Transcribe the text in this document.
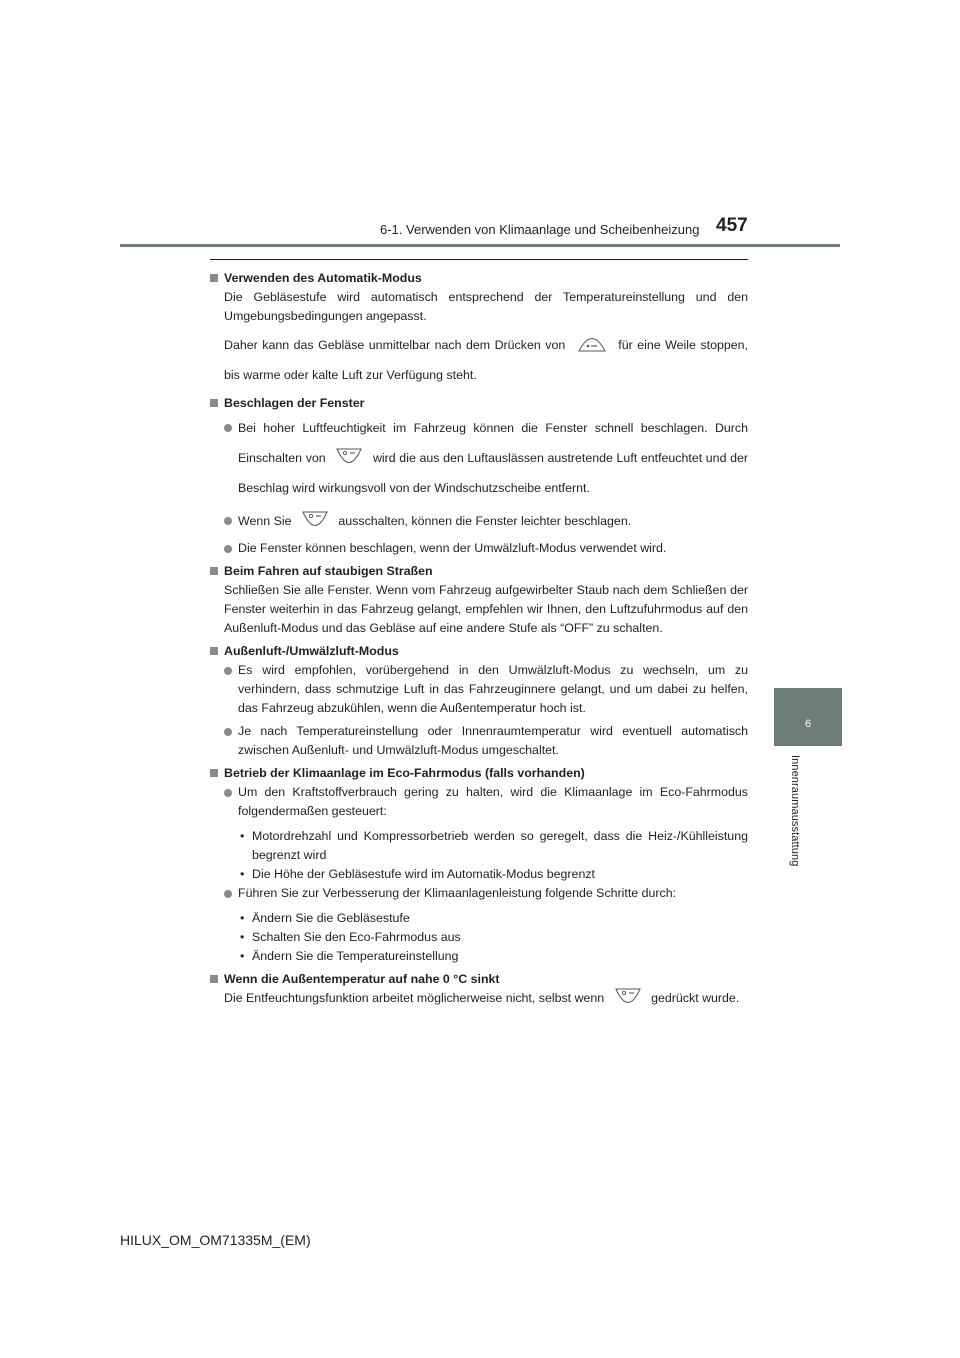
6-1. Verwenden von Klimaanlage und Scheibenheizung 457
6
Innenraumausstattung
Verwenden des Automatik-Modus
Die Gebläsestufe wird automatisch entsprechend der Temperatureinstellung und den Umgebungsbedingungen angepasst.
Daher kann das Gebläse unmittelbar nach dem Drücken von	für eine Weile stoppen, bis warme oder kalte Luft zur Verfügung steht.
Beschlagen der Fenster
Bei hoher Luftfeuchtigkeit im Fahrzeug können die Fenster schnell beschlagen. Durch Einschalten von	wird die aus den Luftauslässen austretende Luft entfeuchtet und der Beschlag wird wirkungsvoll von der Windschutzscheibe entfernt.
Wenn Sie	ausschalten, können die Fenster leichter beschlagen.
Die Fenster können beschlagen, wenn der Umwälzluft-Modus verwendet wird.
Beim Fahren auf staubigen Straßen
Schließen Sie alle Fenster. Wenn vom Fahrzeug aufgewirbelter Staub nach dem Schließen der Fenster weiterhin in das Fahrzeug gelangt, empfehlen wir Ihnen, den Luftzufuhrmodus auf den Außenluft-Modus und das Gebläse auf eine andere Stufe als “OFF” zu schalten.
Außenluft-/Umwälzluft-Modus
Es wird empfohlen, vorübergehend in den Umwälzluft-Modus zu wechseln, um zu verhindern, dass schmutzige Luft in das Fahrzeuginnere gelangt, und um dabei zu helfen, das Fahrzeug abzukühlen, wenn die Außentemperatur hoch ist.
Je nach Temperatureinstellung oder Innenraumtemperatur wird eventuell automatisch zwischen Außenluft- und Umwälzluft-Modus umgeschaltet.
Betrieb der Klimaanlage im Eco-Fahrmodus (falls vorhanden)
Um den Kraftstoffverbrauch gering zu halten, wird die Klimaanlage im Eco-Fahrmodus folgendermaßen gesteuert:
• Motordrehzahl und Kompressorbetrieb werden so geregelt, dass die Heiz-/Kühlleistung begrenzt wird
• Die Höhe der Gebläsestufe wird im Automatik-Modus begrenzt
Führen Sie zur Verbesserung der Klimaanlagenleistung folgende Schritte durch:
• Ändern Sie die Gebläsestufe
• Schalten Sie den Eco-Fahrmodus aus
• Ändern Sie die Temperatureinstellung
Wenn die Außentemperatur auf nahe 0 °C sinkt
Die Entfeuchtungsfunktion arbeitet möglicherweise nicht, selbst wenn	gedrückt wurde.
HILUX_OM_OM71335M_(EM)
